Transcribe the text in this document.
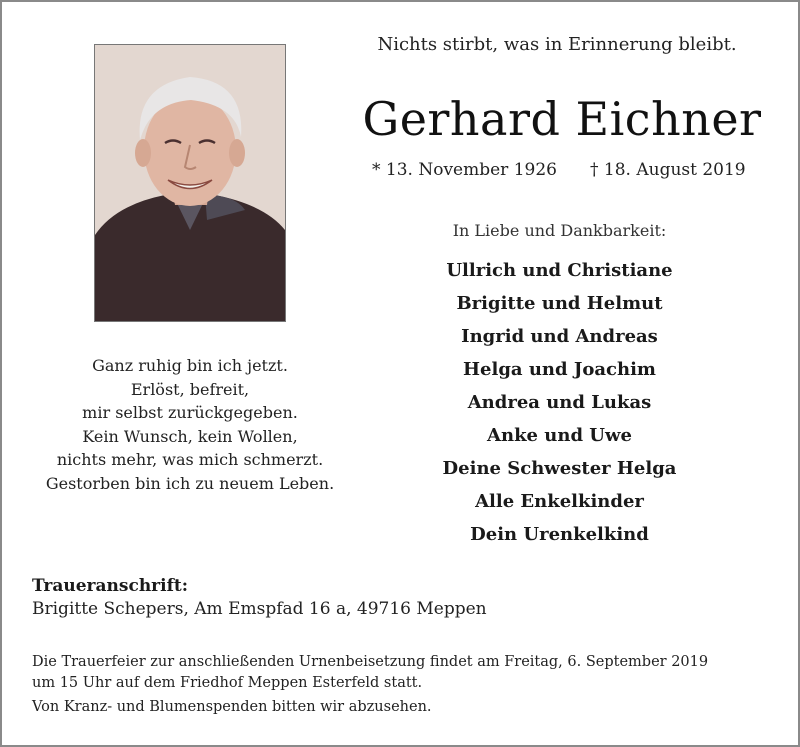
Nichts stirbt, was in Erinnerung bleibt.
Gerhard Eichner
* 13. November 1926 † 18. August 2019
In Liebe und Dankbarkeit:
Ullrich und Christiane
Brigitte und Helmut
Ingrid und Andreas
Helga und Joachim
Andrea und Lukas
Anke und Uwe
Deine Schwester Helga
Alle Enkelkinder
Dein Urenkelkind
Ganz ruhig bin ich jetzt.
Erlöst, befreit,
mir selbst zurückgegeben.
Kein Wunsch, kein Wollen,
nichts mehr, was mich schmerzt.
Gestorben bin ich zu neuem Leben.
Traueranschrift:
Brigitte Schepers, Am Emspfad 16 a, 49716 Meppen
Die Trauerfeier zur anschließenden Urnenbeisetzung findet am Freitag, 6. September 2019
um 15 Uhr auf dem Friedhof Meppen Esterfeld statt.
Von Kranz- und Blumenspenden bitten wir abzusehen.
